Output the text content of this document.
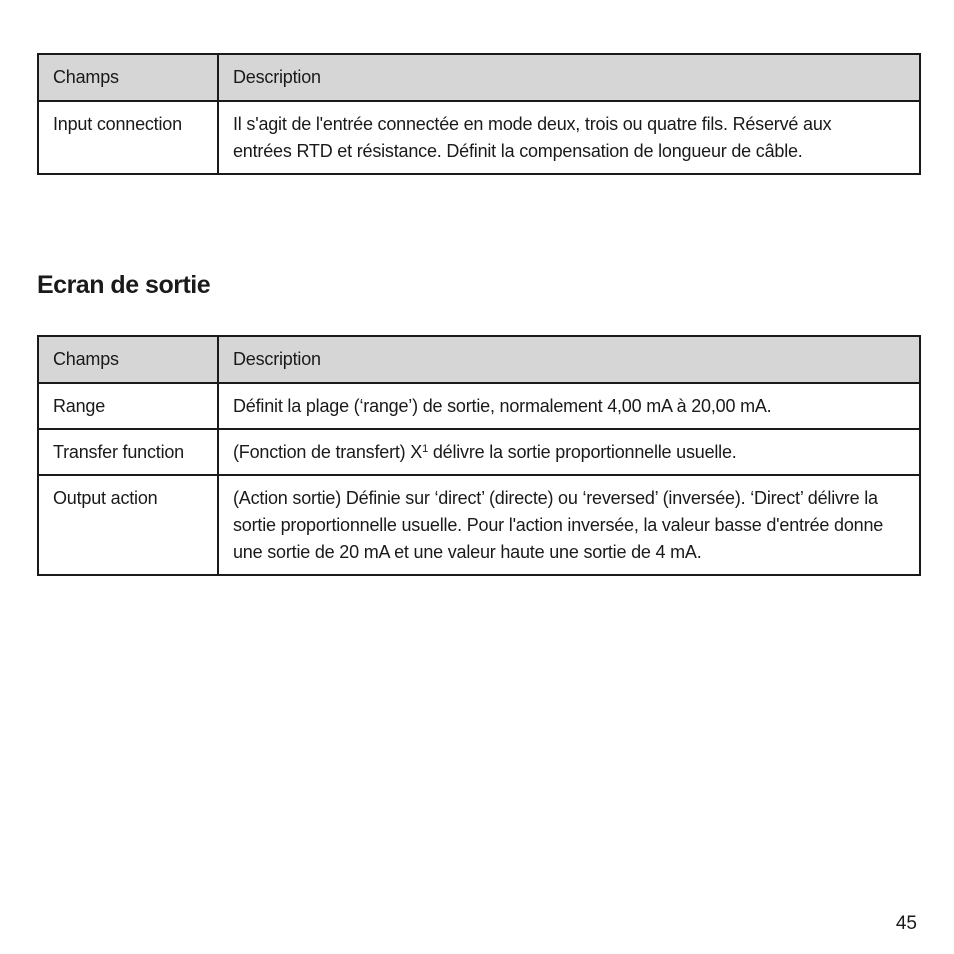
Champs	Description
Input connection	Il s'agit de l'entrée connectée en mode deux, trois ou quatre fils. Réservé aux entrées RTD et résistance. Définit la compensation de longueur de câble.
Ecran de sortie
Champs	Description
Range	Définit la plage (‘range’) de sortie, normalement 4,00 mA à 20,00 mA.
Transfer function	(Fonction de transfert) $X^1$ délivre la sortie proportionnelle usuelle.
Output action	(Action sortie) Définie sur ‘direct’ (directe) ou ‘reversed’ (inversée). ‘Direct’ délivre la sortie proportionnelle usuelle. Pour l'action inversée, la valeur basse d'entrée donne une sortie de 20 mA et une valeur haute une sortie de 4 mA.
45
